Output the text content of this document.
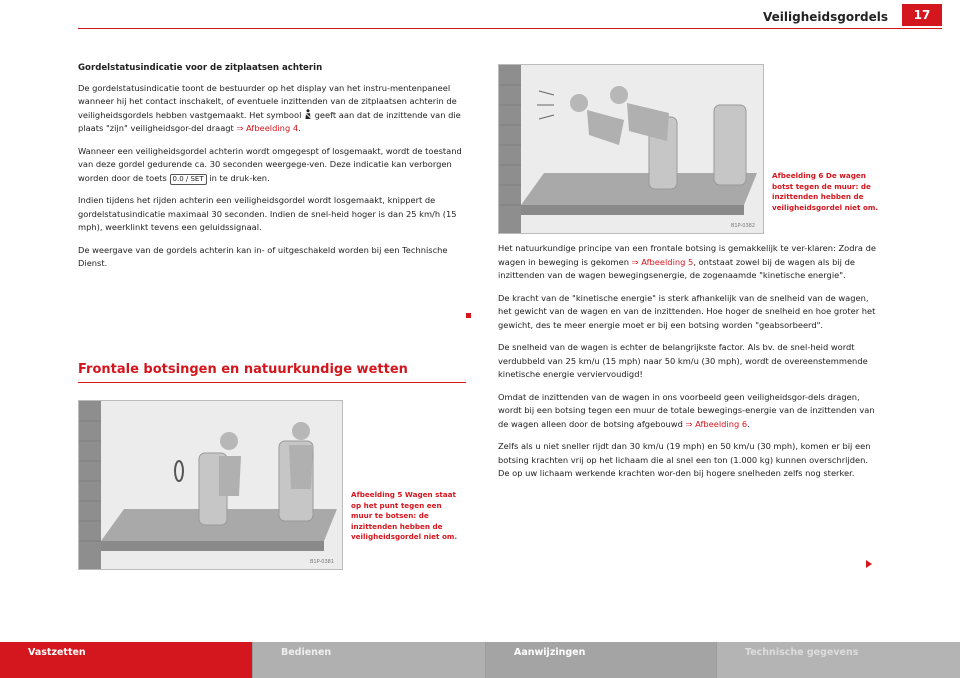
Veiligheidsgordels	17

Gordelstatusindicatie voor de zitplaatsen achterin

De gordelstatusindicatie toont de bestuurder op het display van het instru-mentenpaneel wanneer hij het contact inschakelt, of eventuele inzittenden van de zitplaatsen achterin de veiligheidsgordels hebben vastgemaakt. Het symbool  geeft aan dat de inzittende van die plaats "zijn" veiligheidsgor-del draagt ⇒ Afbeelding 4.

Wanneer een veiligheidsgordel achterin wordt omgegespt of losgemaakt, wordt de toestand van deze gordel gedurende ca. 30 seconden weergege-ven. Deze indicatie kan verborgen worden door de toets 0.0 / SET in te druk-ken.

Indien tijdens het rijden achterin een veiligheidsgordel wordt losgemaakt, knippert de gordelstatusindicatie maximaal 30 seconden. Indien de snel-heid hoger is dan 25 km/h (15 mph), weerklinkt tevens een geluidssignaal.

De weergave van de gordels achterin kan in- of uitgeschakeld worden bij een Technische Dienst.

Frontale botsingen en natuurkundige wetten
B1P-0381
Afbeelding 5 Wagen staat op het punt tegen een muur te botsen: de inzittenden hebben de veiligheidsgordel niet om.
B1P-0382
Afbeelding 6 De wagen botst tegen de muur: de inzittenden hebben de veiligheidsgordel niet om.

Het natuurkundige principe van een frontale botsing is gemakkelijk te ver-klaren: Zodra de wagen in beweging is gekomen ⇒ Afbeelding 5, ontstaat zowel bij de wagen als bij de inzittenden van de wagen bewegingsenergie, de zogenaamde "kinetische energie".

De kracht van de "kinetische energie" is sterk afhankelijk van de snelheid van de wagen, het gewicht van de wagen en van de inzittenden. Hoe hoger de snelheid en hoe groter het gewicht, des te meer energie moet er bij een botsing worden "geabsorbeerd".

De snelheid van de wagen is echter de belangrijkste factor. Als bv. de snel-heid wordt verdubbeld van 25 km/u (15 mph) naar 50 km/u (30 mph), wordt de overeenstemmende kinetische energie verviervoudigd!

Omdat de inzittenden van de wagen in ons voorbeeld geen veiligheidsgor-dels dragen, wordt bij een botsing tegen een muur de totale bewegings-energie van de inzittenden van de wagen alleen door de botsing afgebouwd ⇒ Afbeelding 6.

Zelfs als u niet sneller rijdt dan 30 km/u (19 mph) en 50 km/u (30 mph), komen er bij een botsing krachten vrij op het lichaam die al snel een ton (1.000 kg) kunnen overschrijden. De op uw lichaam werkende krachten wor-den bij hogere snelheden zelfs nog sterker.

Vastzetten	Bedienen	Aanwijzingen	Technische gegevens
